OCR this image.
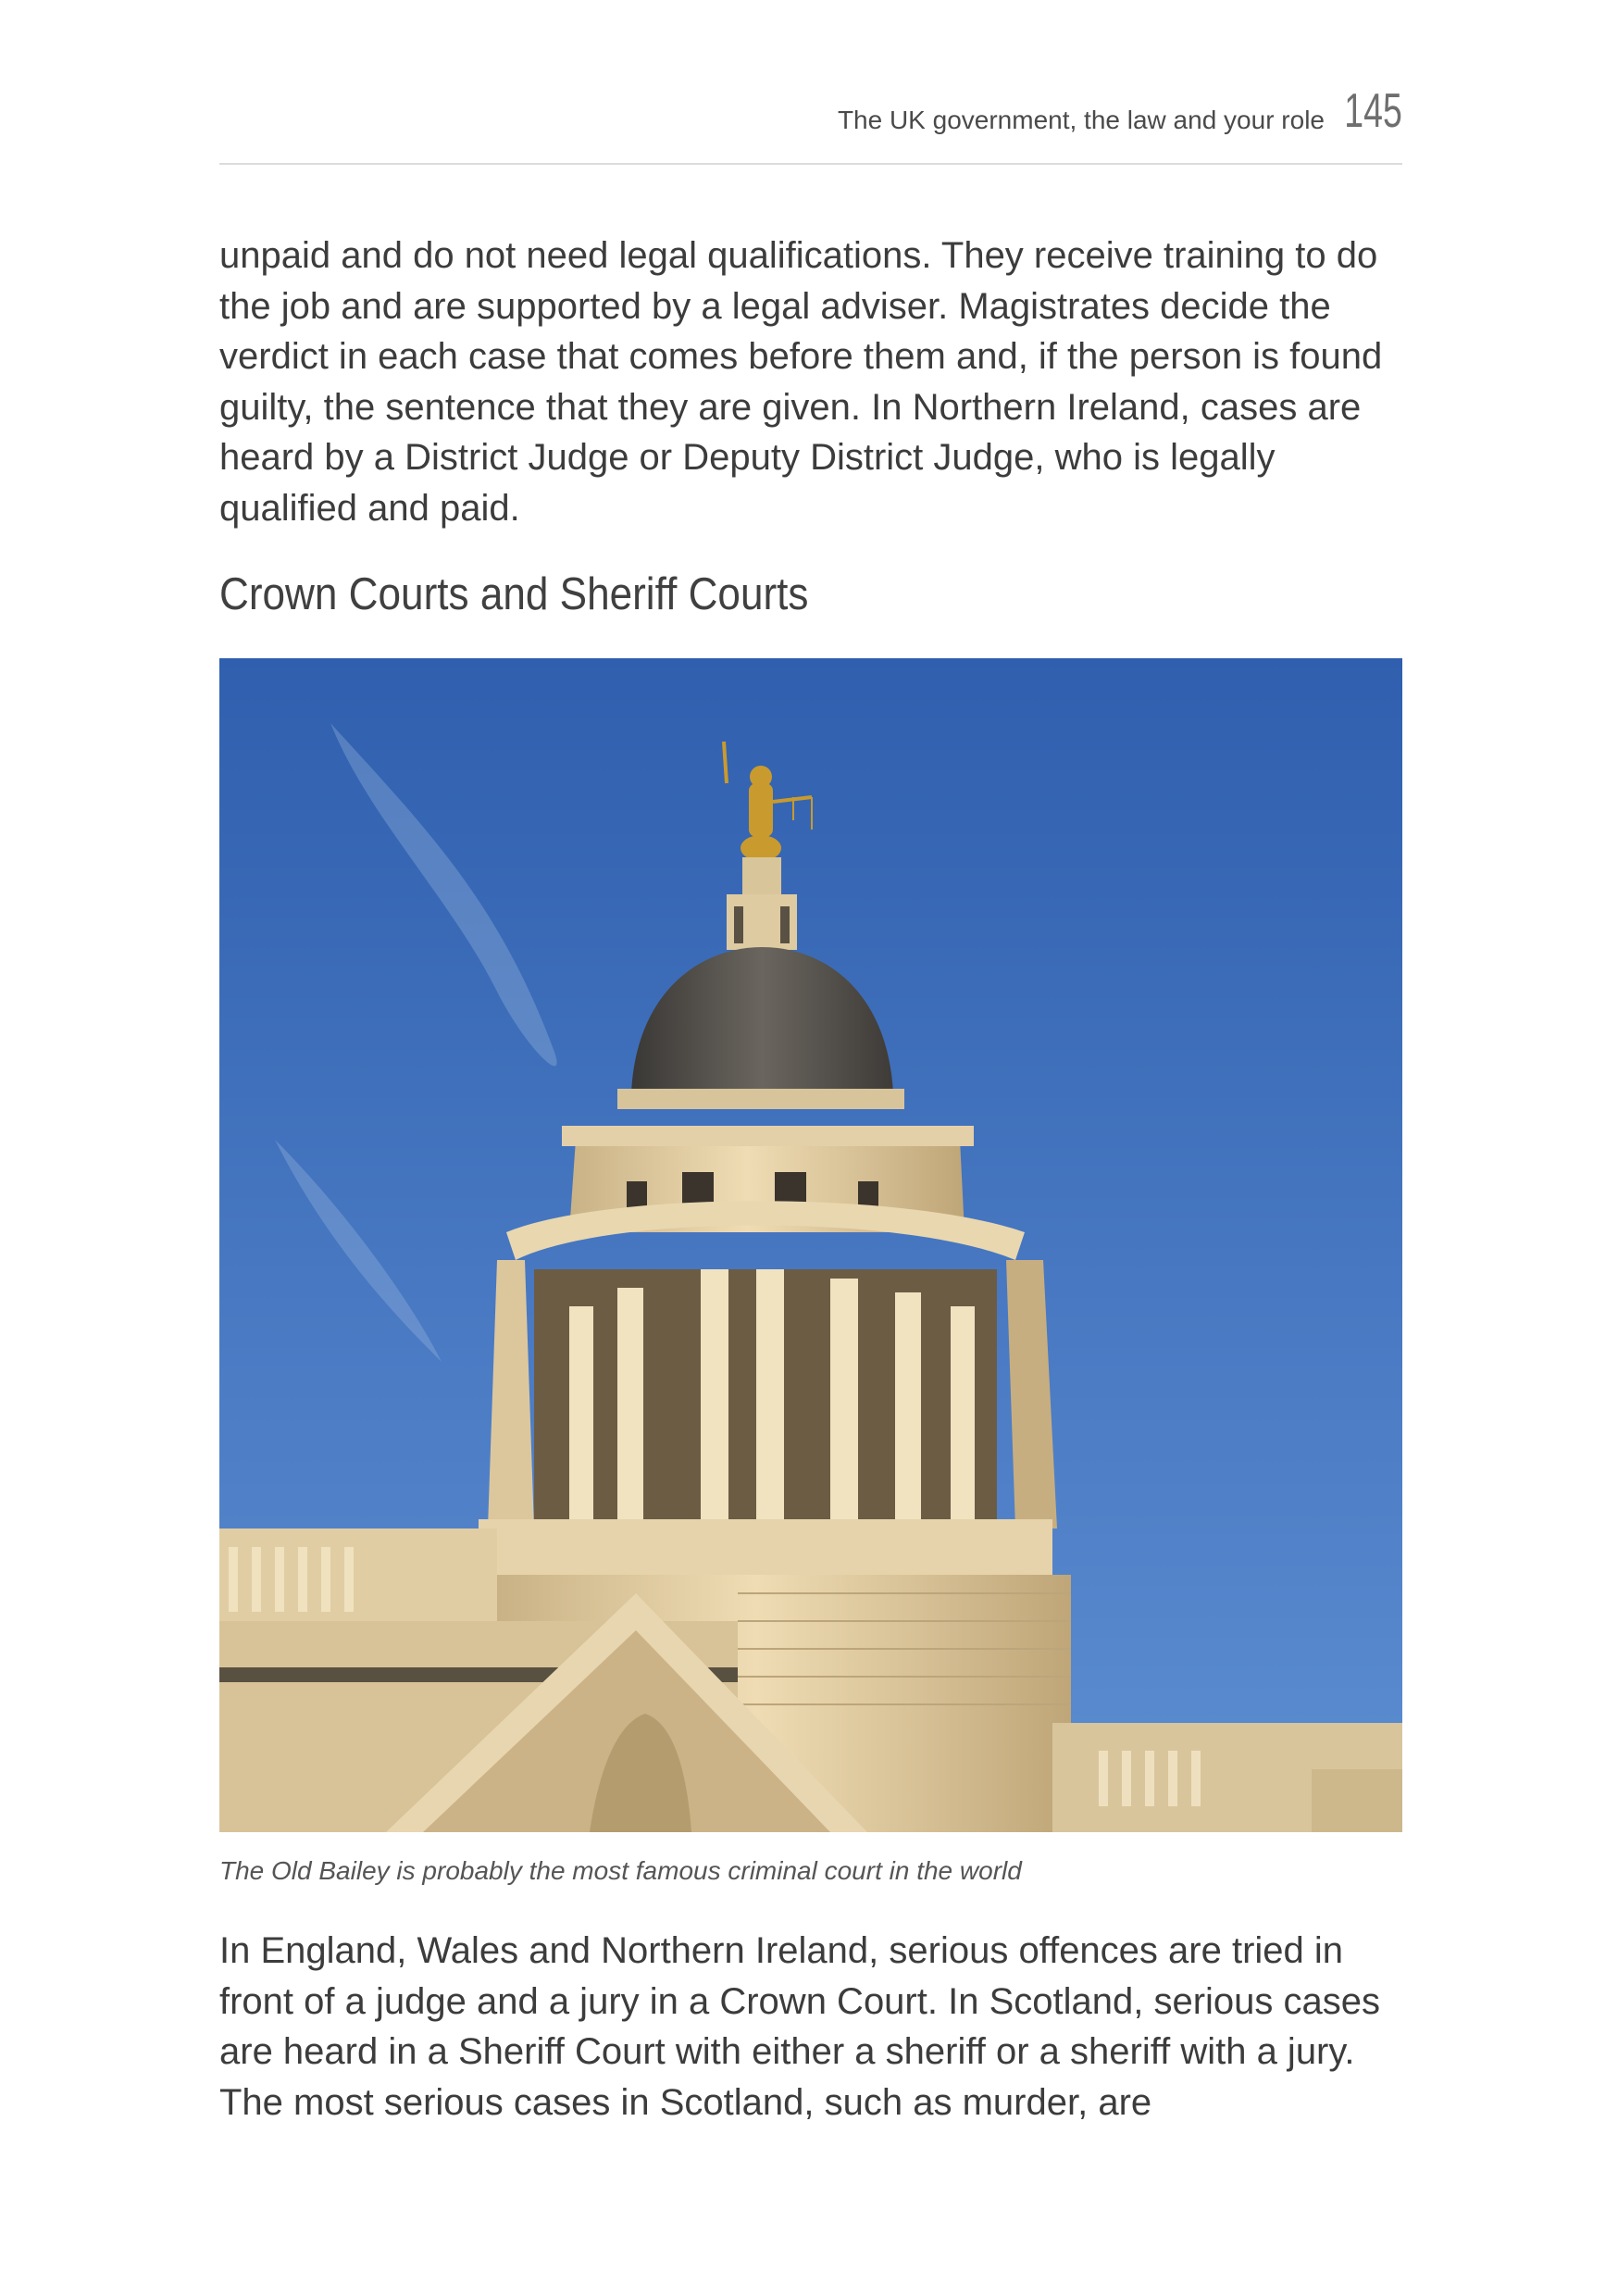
The UK government, the law and your role 145

unpaid and do not need legal qualifications. They receive training to do the job and are supported by a legal adviser. Magistrates decide the verdict in each case that comes before them and, if the person is found guilty, the sentence that they are given. In Northern Ireland, cases are heard by a District Judge or Deputy District Judge, who is legally qualified and paid.

Crown Courts and Sheriff Courts

The Old Bailey is probably the most famous criminal court in the world

In England, Wales and Northern Ireland, serious offences are tried in front of a judge and a jury in a Crown Court. In Scotland, serious cases are heard in a Sheriff Court with either a sheriff or a sheriff with a jury. The most serious cases in Scotland, such as murder, are
